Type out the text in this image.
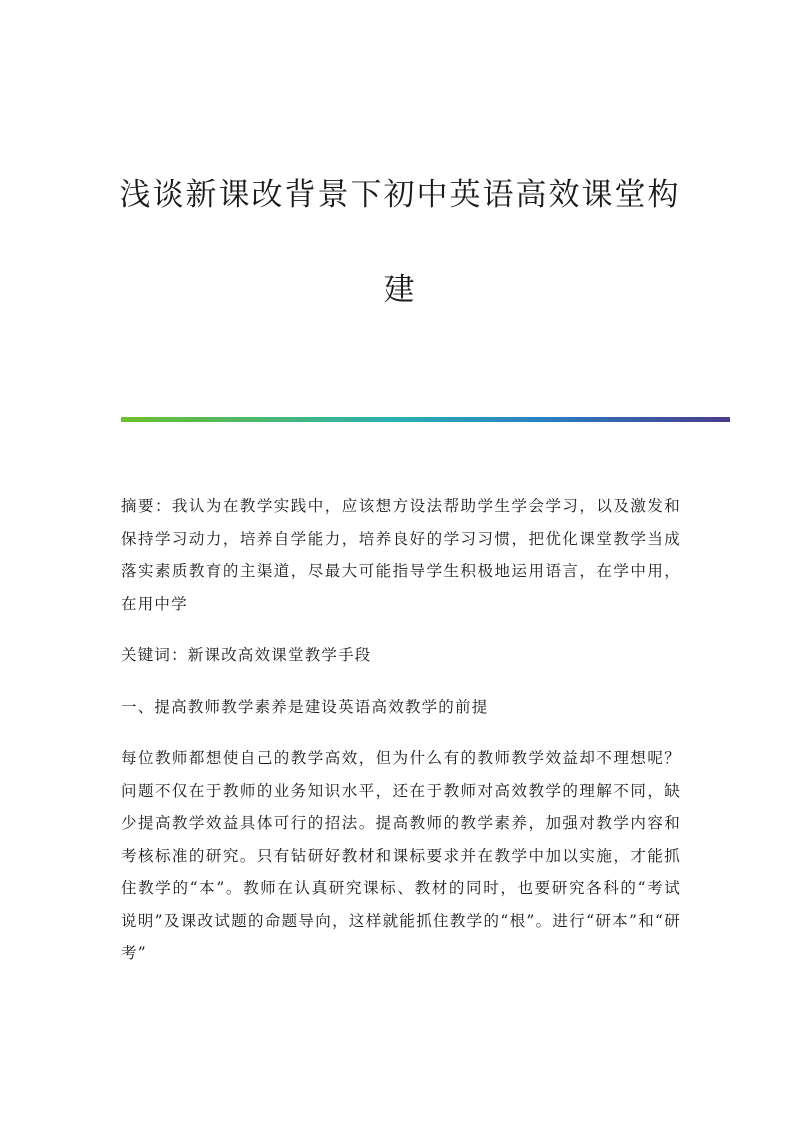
浅谈新课改背景下初中英语高效课堂构
建

摘要：我认为在教学实践中，应该想方设法帮助学生学会学习，以及激发和保持学习动力，培养自学能力，培养良好的学习习惯，把优化课堂教学当成落实素质教育的主渠道，尽最大可能指导学生积极地运用语言，在学中用，在用中学

关键词：新课改高效课堂教学手段

一、提高教师教学素养是建设英语高效教学的前提

每位教师都想使自己的教学高效，但为什么有的教师教学效益却不理想呢？问题不仅在于教师的业务知识水平，还在于教师对高效教学的理解不同，缺少提高教学效益具体可行的招法。提高教师的教学素养，加强对教学内容和考核标准的研究。只有钻研好教材和课标要求并在教学中加以实施，才能抓住教学的“本”。教师在认真研究课标、教材的同时，也要研究各科的“考试说明”及课改试题的命题导向，这样就能抓住教学的“根”。进行“研本”和“研考”
